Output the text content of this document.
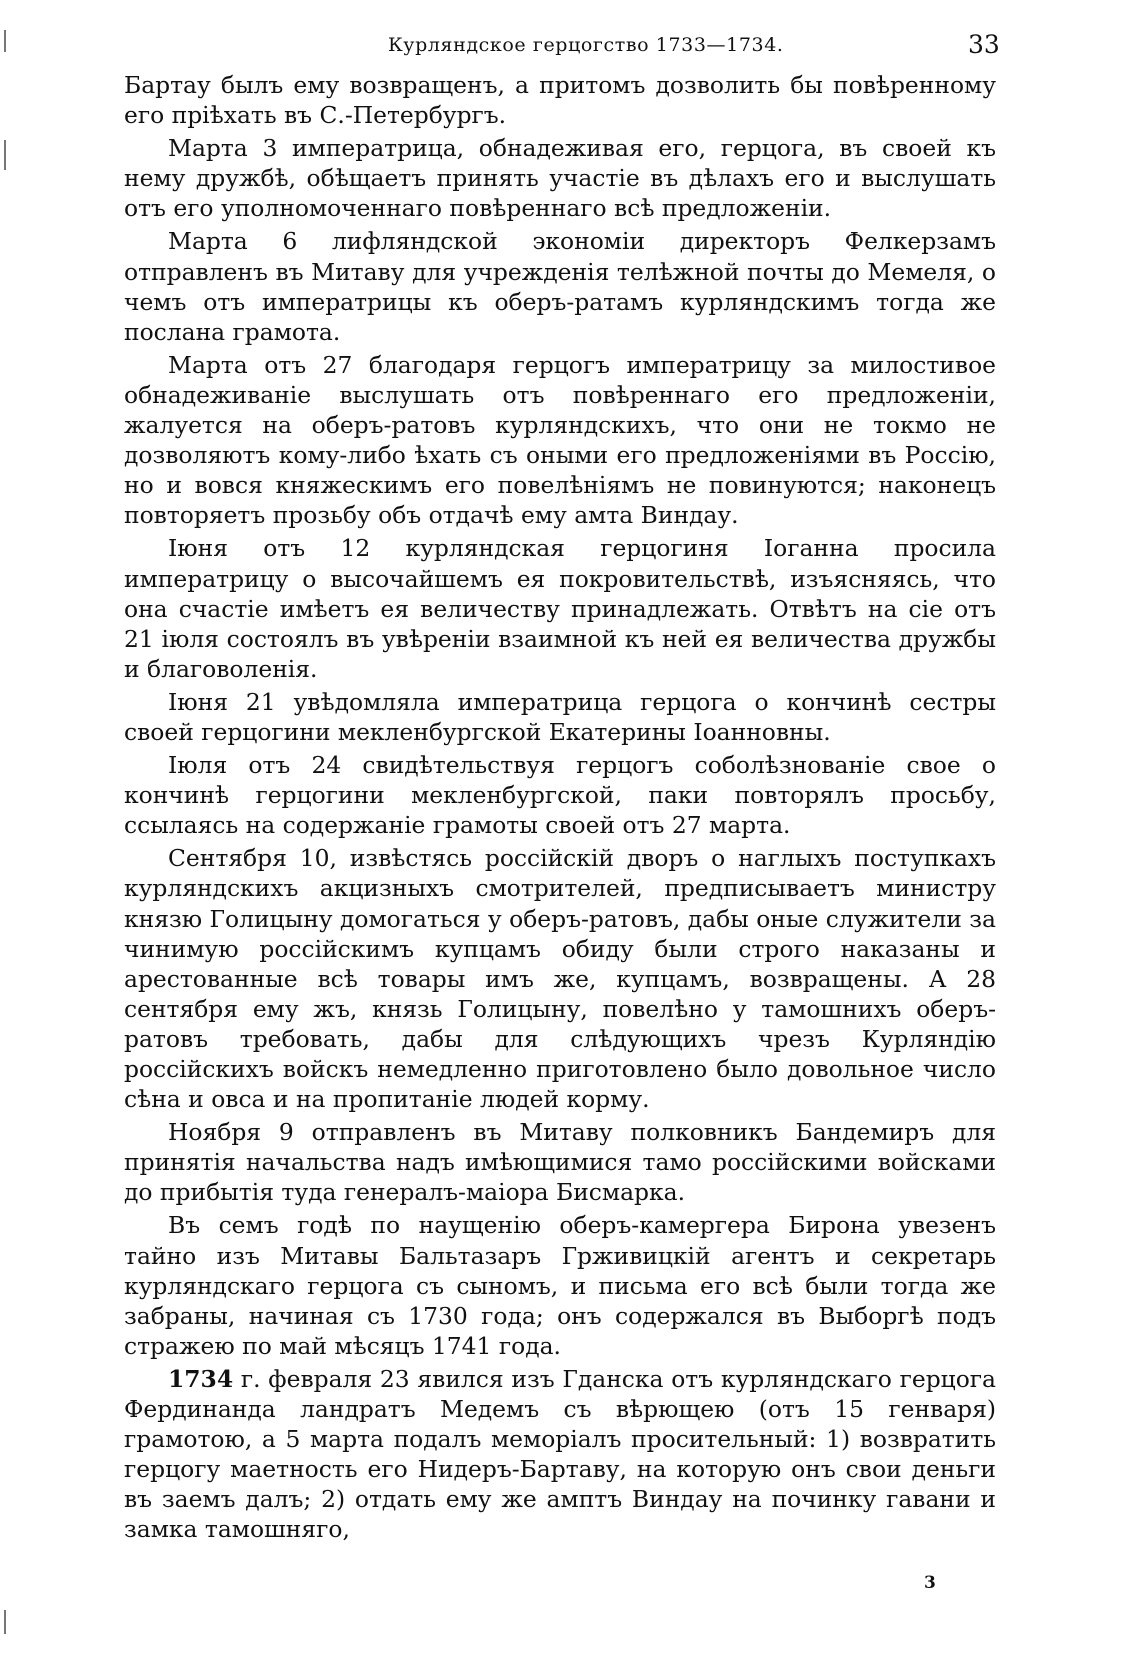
Курляндское герцогство 1733—1734.	33

Бартау былъ ему возвращенъ, а притомъ дозволить бы повѣренному его пріѣхать въ С.-Петербургъ.

Марта 3 императрица, обнадеживая его, герцога, въ своей къ нему дружбѣ, обѣщаетъ принять участіе въ дѣлахъ его и выслушать отъ его уполномоченнаго повѣреннаго всѣ предложеніи.

Марта 6 лифляндской экономіи директоръ Фелкерзамъ отправленъ въ Митаву для учрежденія телѣжной почты до Мемеля, о чемъ отъ императрицы къ оберъ-ратамъ курляндскимъ тогда же послана грамота.

Марта отъ 27 благодаря герцогъ императрицу за милостивое обнадеживаніе выслушать отъ повѣреннаго его предложеніи, жалуется на оберъ-ратовъ курляндскихъ, что они не токмо не дозволяютъ кому-либо ѣхать съ оными его предложеніями въ Россію, но и вовся княжескимъ его повелѣніямъ не повинуются; наконецъ повторяетъ прозьбу объ отдачѣ ему амта Виндау.

Іюня отъ 12 курляндская герцогиня Іоганна просила императрицу о высочайшемъ ея покровительствѣ, изъясняясь, что она счастіе имѣетъ ея величеству принадлежать. Отвѣтъ на сіе отъ 21 іюля состоялъ въ увѣреніи взаимной къ ней ея величества дружбы и благоволенія.

Іюня 21 увѣдомляла императрица герцога о кончинѣ сестры своей герцогини мекленбургской Екатерины Іоанновны.

Іюля отъ 24 свидѣтельствуя герцогъ соболѣзнованіе свое о кончинѣ герцогини мекленбургской, паки повторялъ просьбу, ссылаясь на содержаніе грамоты своей отъ 27 марта.

Сентября 10, извѣстясь россійскій дворъ о наглыхъ поступкахъ курляндскихъ акцизныхъ смотрителей, предписываетъ министру князю Голицыну домогаться у оберъ-ратовъ, дабы оные служители за чинимую россійскимъ купцамъ обиду были строго наказаны и арестованные всѣ товары имъ же, купцамъ, возвращены. А 28 сентября ему жъ, князь Голицыну, повелѣно у тамошнихъ оберъ-ратовъ требовать, дабы для слѣдующихъ чрезъ Курляндію россійскихъ войскъ немедленно приготовлено было довольное число сѣна и овса и на пропитаніе людей корму.

Ноября 9 отправленъ въ Митаву полковникъ Бандемиръ для принятія начальства надъ имѣющимися тамо россійскими войсками до прибытія туда генералъ-маіора Бисмарка.

Въ семъ годѣ по наущенію оберъ-камергера Бирона увезенъ тайно изъ Митавы Бальтазаръ Грживицкій агентъ и секретарь курляндскаго герцога съ сыномъ, и письма его всѣ были тогда же забраны, начиная съ 1730 года; онъ содержался въ Выборгѣ подъ стражею по май мѣсяцъ 1741 года.

1734 г. февраля 23 явился изъ Гданска отъ курляндскаго герцога Фердинанда ландратъ Медемъ съ вѣрющею (отъ 15 генваря) грамотою, а 5 марта подалъ меморіалъ просительный: 1) возвратить герцогу маетность его Нидеръ-Бартаву, на которую онъ свои деньги въ заемъ далъ; 2) отдать ему же амптъ Виндау на починку гавани и замка тамошняго,

3
